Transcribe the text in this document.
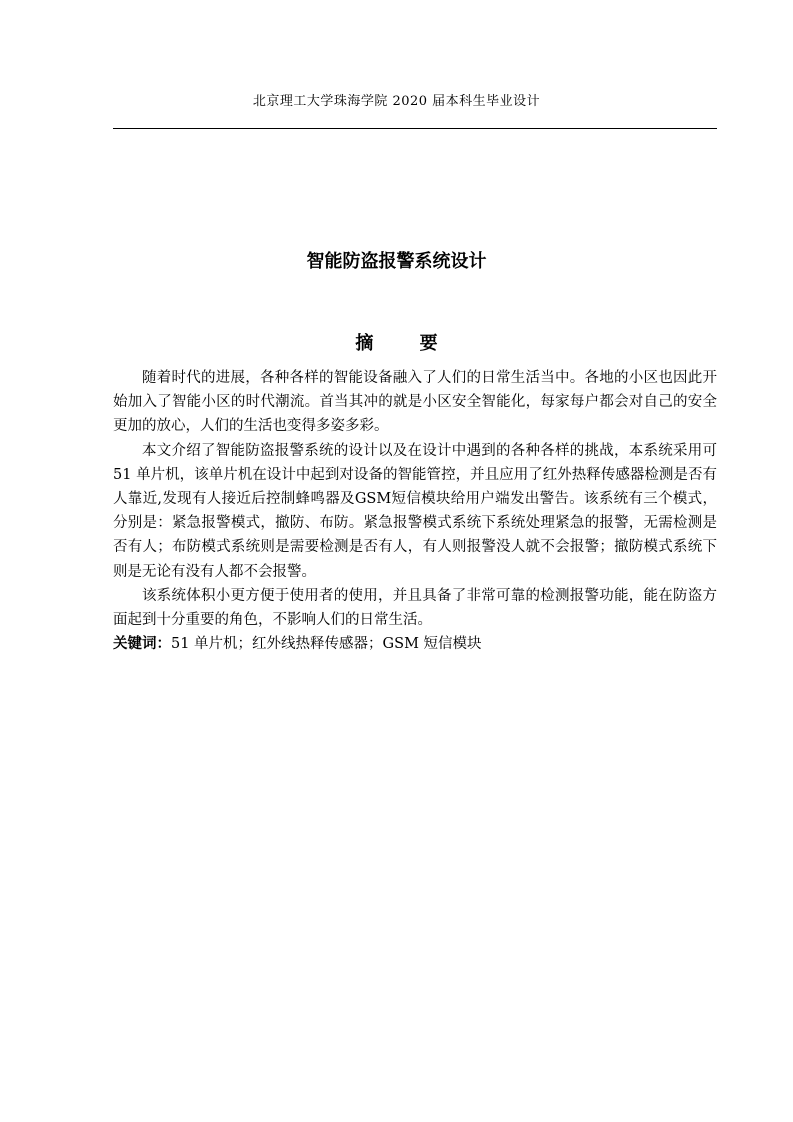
北京理工大学珠海学院 2020 届本科生毕业设计
智能防盗报警系统设计
摘 要

随着时代的进展，各种各样的智能设备融入了人们的日常生活当中。各地的小区也因此开始加入了智能小区的时代潮流。首当其冲的就是小区安全智能化，每家每户都会对自己的安全更加的放心，人们的生活也变得多姿多彩。

本文介绍了智能防盗报警系统的设计以及在设计中遇到的各种各样的挑战，本系统采用可 51 单片机，该单片机在设计中起到对设备的智能管控，并且应用了红外热释传感器检测是否有人靠近,发现有人接近后控制蜂鸣器及GSM短信模块给用户端发出警告。该系统有三个模式，分别是：紧急报警模式，撤防、布防。紧急报警模式系统下系统处理紧急的报警，无需检测是否有人；布防模式系统则是需要检测是否有人，有人则报警没人就不会报警；撤防模式系统下则是无论有没有人都不会报警。

该系统体积小更方便于使用者的使用，并且具备了非常可靠的检测报警功能，能在防盗方面起到十分重要的角色，不影响人们的日常生活。

关键词：51 单片机；红外线热释传感器；GSM 短信模块
